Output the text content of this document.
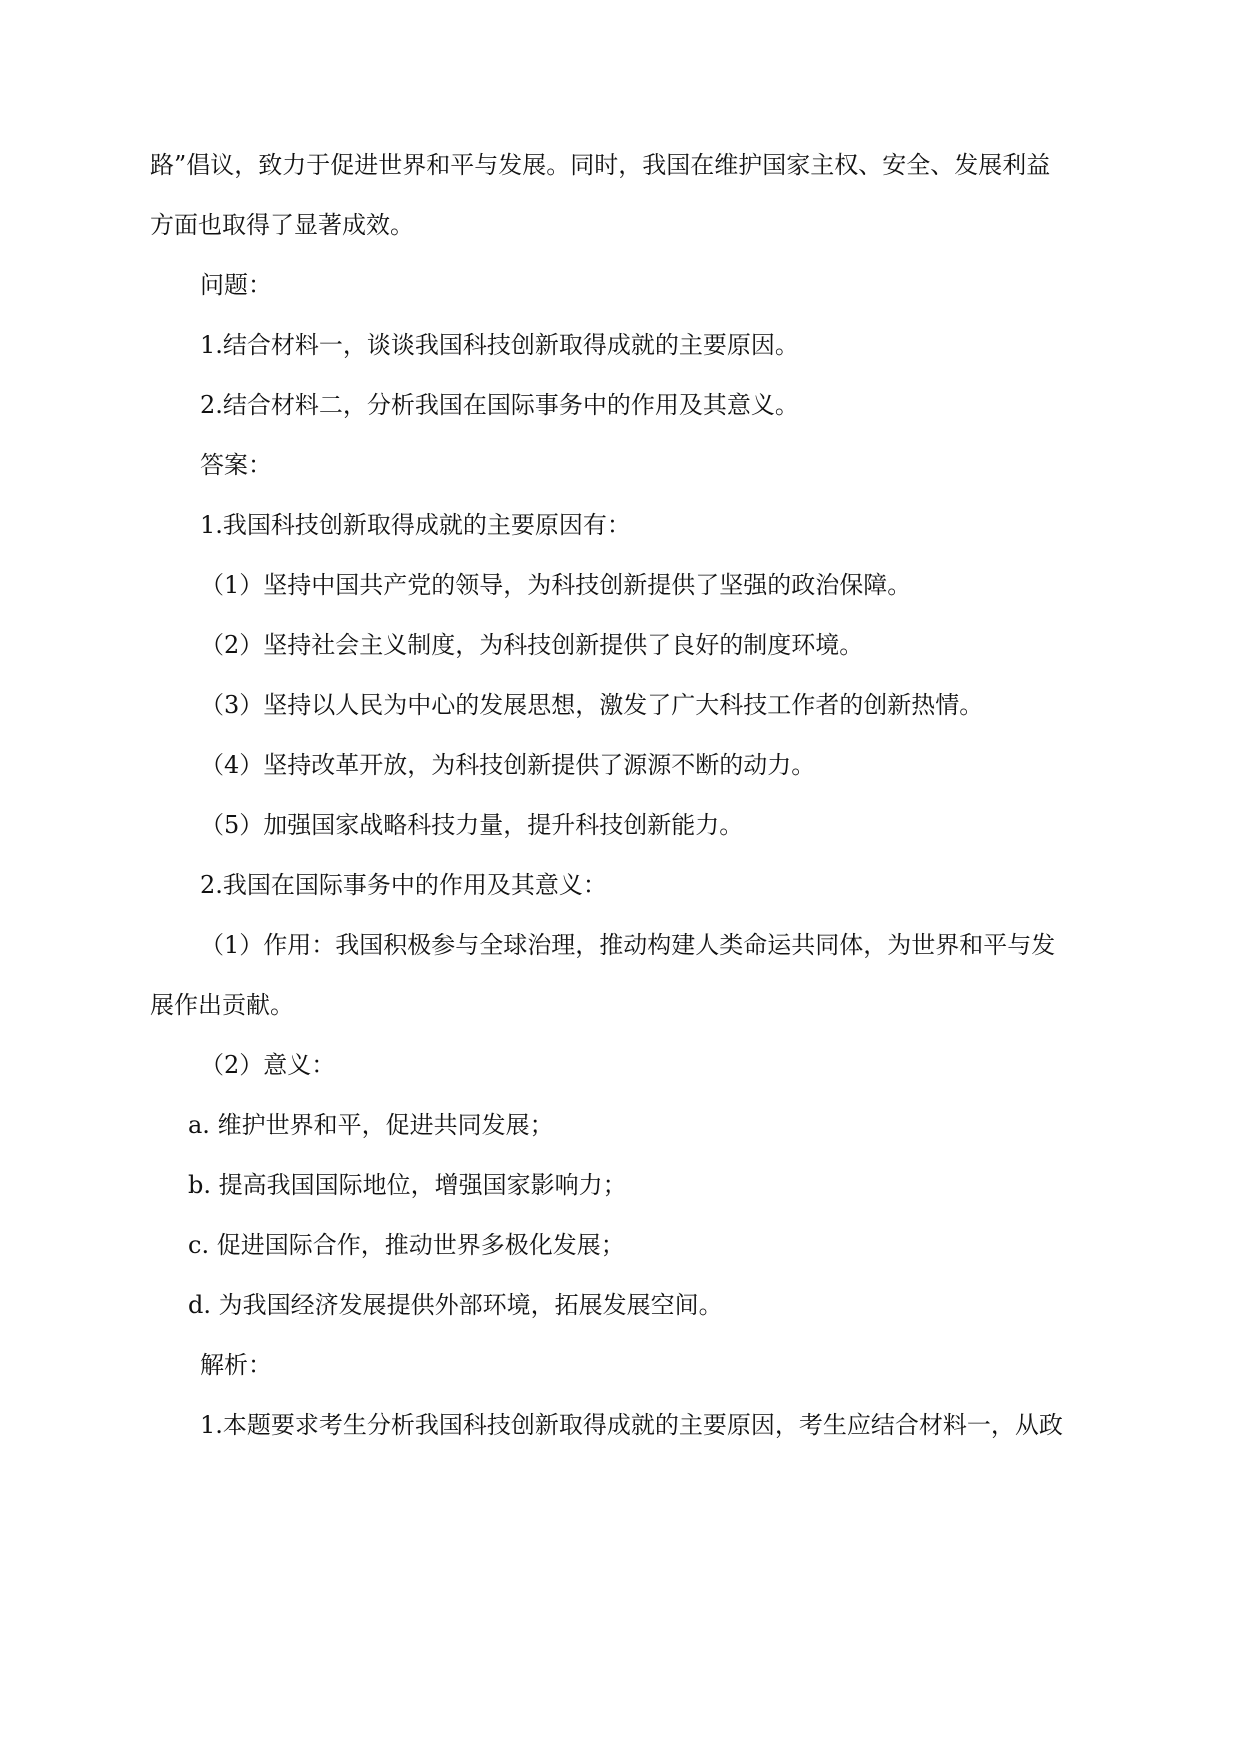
路”倡议，致力于促进世界和平与发展。同时，我国在维护国家主权、安全、发展利益
方面也取得了显著成效。
问题：
1.结合材料一，谈谈我国科技创新取得成就的主要原因。
2.结合材料二，分析我国在国际事务中的作用及其意义。
答案：
1.我国科技创新取得成就的主要原因有：
（1）坚持中国共产党的领导，为科技创新提供了坚强的政治保障。
（2）坚持社会主义制度，为科技创新提供了良好的制度环境。
（3）坚持以人民为中心的发展思想，激发了广大科技工作者的创新热情。
（4）坚持改革开放，为科技创新提供了源源不断的动力。
（5）加强国家战略科技力量，提升科技创新能力。
2.我国在国际事务中的作用及其意义：
（1）作用：我国积极参与全球治理，推动构建人类命运共同体，为世界和平与发
展作出贡献。
（2）意义：
a. 维护世界和平，促进共同发展；
b. 提高我国国际地位，增强国家影响力；
c. 促进国际合作，推动世界多极化发展；
d. 为我国经济发展提供外部环境，拓展发展空间。
解析：
1.本题要求考生分析我国科技创新取得成就的主要原因，考生应结合材料一，从政
